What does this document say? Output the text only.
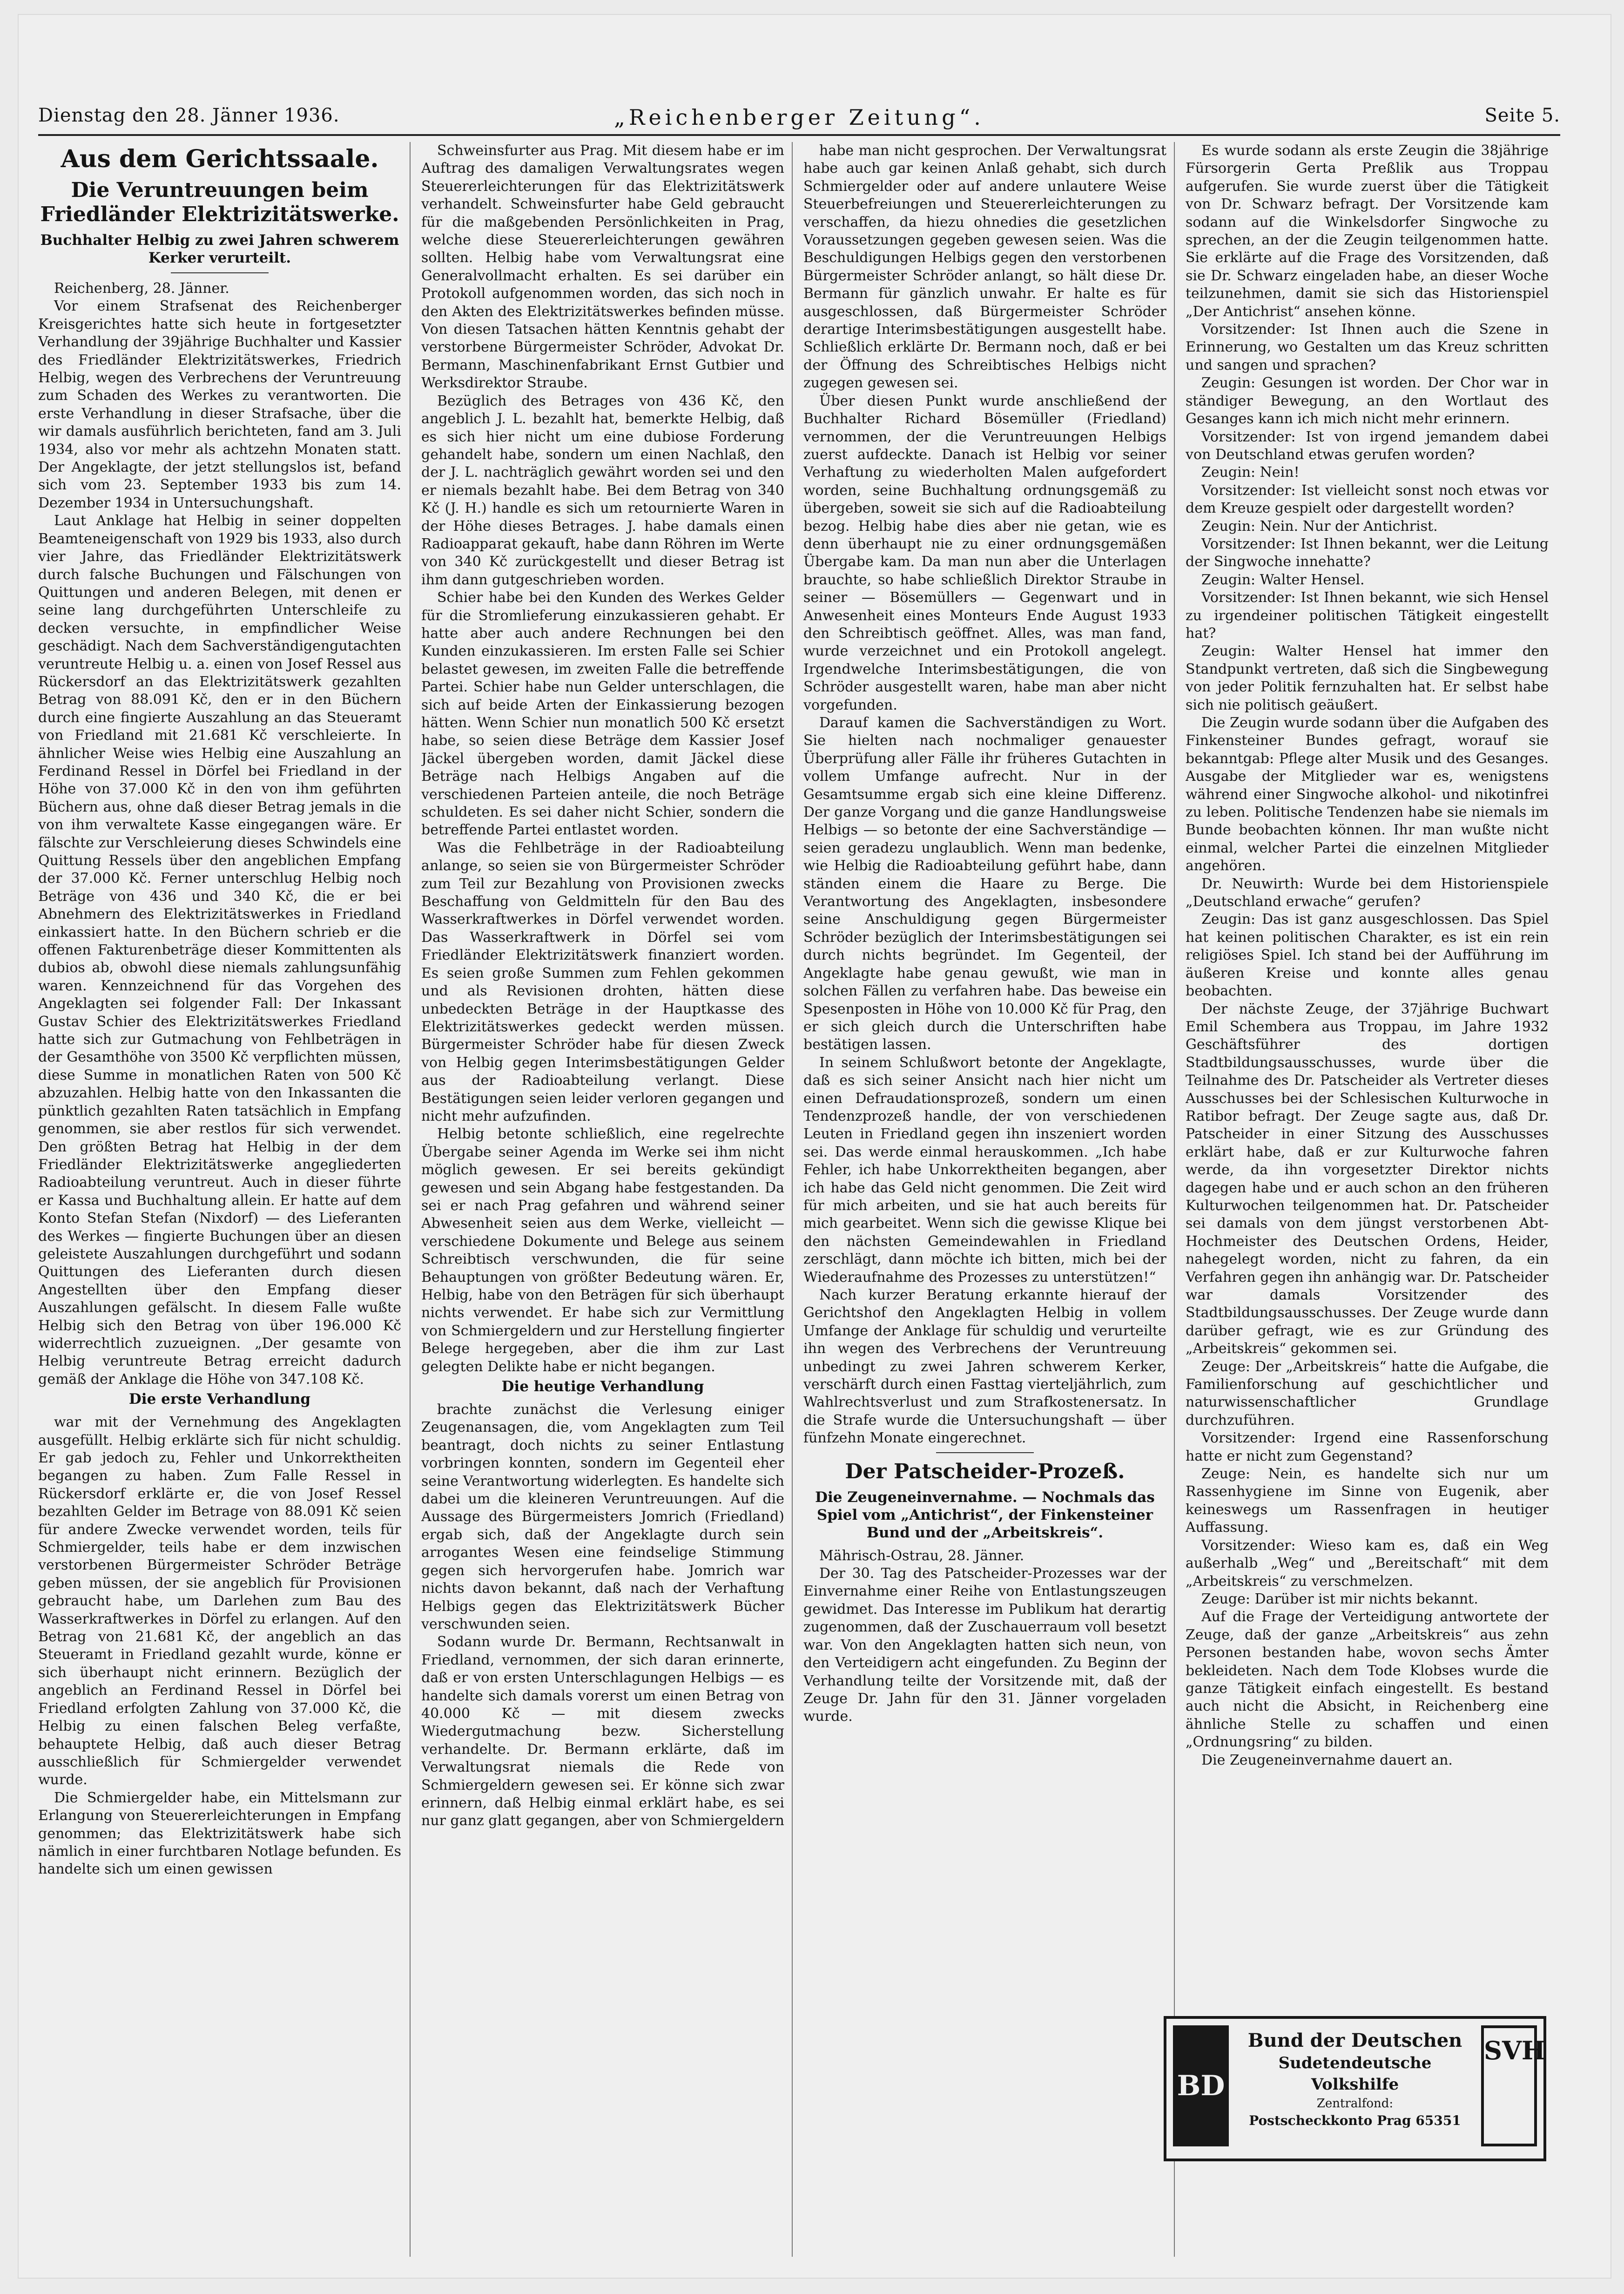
Dienstag den 28. Jänner 1936.	„Reichenberger Zeitung“.	Seite 5.
Aus dem Gerichtssaale.
Die Veruntreuungen beim Friedländer Elektrizitätswerke.
Buchhalter Helbig zu zwei Jahren schwerem Kerker verurteilt.

Reichenberg, 28. Jänner.

Vor einem Strafsenat des Reichenberger Kreisgerichtes hatte sich heute in fortgesetzter Verhandlung der 39jährige Buchhalter und Kassier des Friedländer Elektrizitätswerkes, Friedrich Helbig, wegen des Verbrechens der Veruntreuung zum Schaden des Werkes zu verantworten. Die erste Verhandlung in dieser Strafsache, über die wir damals ausführlich berichteten, fand am 3. Juli 1934, also vor mehr als achtzehn Monaten statt. Der Angeklagte, der jetzt stellungslos ist, befand sich vom 23. September 1933 bis zum 14. Dezember 1934 in Untersuchungshaft.

Laut Anklage hat Helbig in seiner doppelten Beamteneigenschaft von 1929 bis 1933, also durch vier Jahre, das Friedländer Elektrizitätswerk durch falsche Buchungen und Fälschungen von Quittungen und anderen Belegen, mit denen er seine lang durchgeführten Unterschleife zu decken versuchte, in empfindlicher Weise geschädigt. Nach dem Sachverständigengutachten veruntreute Helbig u. a. einen von Josef Ressel aus Rückersdorf an das Elektrizitätswerk gezahlten Betrag von 88.091 Kč, den er in den Büchern durch eine fingierte Auszahlung an das Steueramt von Friedland mit 21.681 Kč verschleierte. In ähnlicher Weise wies Helbig eine Auszahlung an Ferdinand Ressel in Dörfel bei Friedland in der Höhe von 37.000 Kč in den von ihm geführten Büchern aus, ohne daß dieser Betrag jemals in die von ihm verwaltete Kasse eingegangen wäre. Er fälschte zur Verschleierung dieses Schwindels eine Quittung Ressels über den angeblichen Empfang der 37.000 Kč. Ferner unterschlug Helbig noch Beträge von 436 und 340 Kč, die er bei Abnehmern des Elektrizitätswerkes in Friedland einkassiert hatte. In den Büchern schrieb er die offenen Fakturenbeträge dieser Kommittenten als dubios ab, obwohl diese niemals zahlungsunfähig waren. Kennzeichnend für das Vorgehen des Angeklagten sei folgender Fall: Der Inkassant Gustav Schier des Elektrizitätswerkes Friedland hatte sich zur Gutmachung von Fehlbeträgen in der Gesamthöhe von 3500 Kč verpflichten müssen, diese Summe in monatlichen Raten von 500 Kč abzuzahlen. Helbig hatte von den Inkassanten die pünktlich gezahlten Raten tatsächlich in Empfang genommen, sie aber restlos für sich verwendet. Den größten Betrag hat Helbig in der dem Friedländer Elektrizitätswerke angegliederten Radioabteilung veruntreut. Auch in dieser führte er Kassa und Buchhaltung allein. Er hatte auf dem Konto Stefan Stefan (Nixdorf) — des Lieferanten des Werkes — fingierte Buchungen über an diesen geleistete Auszahlungen durchgeführt und sodann Quittungen des Lieferanten durch diesen Angestellten über den Empfang dieser Auszahlungen gefälscht. In diesem Falle wußte Helbig sich den Betrag von über 196.000 Kč widerrechtlich zuzueignen. „Der gesamte von Helbig veruntreute Betrag erreicht dadurch gemäß der Anklage die Höhe von 347.108 Kč.

Die erste Verhandlung

war mit der Vernehmung des Angeklagten ausgefüllt. Helbig erklärte sich für nicht schuldig. Er gab jedoch zu, Fehler und Unkorrektheiten begangen zu haben. Zum Falle Ressel in Rückersdorf erklärte er, die von Josef Ressel bezahlten Gelder im Betrage von 88.091 Kč seien für andere Zwecke verwendet worden, teils für Schmiergelder, teils habe er dem inzwischen verstorbenen Bürgermeister Schröder Beträge geben müssen, der sie angeblich für Provisionen gebraucht habe, um Darlehen zum Bau des Wasserkraftwerkes in Dörfel zu erlangen. Auf den Betrag von 21.681 Kč, der angeblich an das Steueramt in Friedland gezahlt wurde, könne er sich überhaupt nicht erinnern. Bezüglich der angeblich an Ferdinand Ressel in Dörfel bei Friedland erfolgten Zahlung von 37.000 Kč, die Helbig zu einen falschen Beleg verfaßte, behauptete Helbig, daß auch dieser Betrag ausschließlich für Schmiergelder verwendet wurde.

Die Schmiergelder habe, ein Mittelsmann zur Erlangung von Steuererleichterungen in Empfang genommen; das Elektrizitätswerk habe sich nämlich in einer furchtbaren Notlage befunden. Es handelte sich um einen gewissen

Schweinsfurter aus Prag. Mit diesem habe er im Auftrag des damaligen Verwaltungsrates wegen Steuererleichterungen für das Elektrizitätswerk verhandelt. Schweinsfurter habe Geld gebraucht für die maßgebenden Persönlichkeiten in Prag, welche diese Steuererleichterungen gewähren sollten. Helbig habe vom Verwaltungsrat eine Generalvollmacht erhalten. Es sei darüber ein Protokoll aufgenommen worden, das sich noch in den Akten des Elektrizitätswerkes befinden müsse. Von diesen Tatsachen hätten Kenntnis gehabt der verstorbene Bürgermeister Schröder, Advokat Dr. Bermann, Maschinenfabrikant Ernst Gutbier und Werksdirektor Straube.

Bezüglich des Betrages von 436 Kč, den angeblich J. L. bezahlt hat, bemerkte Helbig, daß es sich hier nicht um eine dubiose Forderung gehandelt habe, sondern um einen Nachlaß, den der J. L. nachträglich gewährt worden sei und den er niemals bezahlt habe. Bei dem Betrag von 340 Kč (J. H.) handle es sich um retournierte Waren in der Höhe dieses Betrages. J. habe damals einen Radioapparat gekauft, habe dann Röhren im Werte von 340 Kč zurückgestellt und dieser Betrag ist ihm dann gutgeschrieben worden.

Schier habe bei den Kunden des Werkes Gelder für die Stromlieferung einzukassieren gehabt. Er hatte aber auch andere Rechnungen bei den Kunden einzukassieren. Im ersten Falle sei Schier belastet gewesen, im zweiten Falle die betreffende Partei. Schier habe nun Gelder unterschlagen, die sich auf beide Arten der Einkassierung bezogen hätten. Wenn Schier nun monatlich 500 Kč ersetzt habe, so seien diese Beträge dem Kassier Josef Jäckel übergeben worden, damit Jäckel diese Beträge nach Helbigs Angaben auf die verschiedenen Parteien anteile, die noch Beträge schuldeten. Es sei daher nicht Schier, sondern die betreffende Partei entlastet worden.

Was die Fehlbeträge in der Radioabteilung anlange, so seien sie von Bürgermeister Schröder zum Teil zur Bezahlung von Provisionen zwecks Beschaffung von Geldmitteln für den Bau des Wasserkraftwerkes in Dörfel verwendet worden. Das Wasserkraftwerk in Dörfel sei vom Friedländer Elektrizitätswerk finanziert worden. Es seien große Summen zum Fehlen gekommen und als Revisionen drohten, hätten diese unbedeckten Beträge in der Hauptkasse des Elektrizitätswerkes gedeckt werden müssen. Bürgermeister Schröder habe für diesen Zweck von Helbig gegen Interimsbestätigungen Gelder aus der Radioabteilung verlangt. Diese Bestätigungen seien leider verloren gegangen und nicht mehr aufzufinden.

Helbig betonte schließlich, eine regelrechte Übergabe seiner Agenda im Werke sei ihm nicht möglich gewesen. Er sei bereits gekündigt gewesen und sein Abgang habe festgestanden. Da sei er nach Prag gefahren und während seiner Abwesenheit seien aus dem Werke, vielleicht — verschiedene Dokumente und Belege aus seinem Schreibtisch verschwunden, die für seine Behauptungen von größter Bedeutung wären. Er, Helbig, habe von den Beträgen für sich überhaupt nichts verwendet. Er habe sich zur Vermittlung von Schmiergeldern und zur Herstellung fingierter Belege hergegeben, aber die ihm zur Last gelegten Delikte habe er nicht begangen.

Die heutige Verhandlung

brachte zunächst die Verlesung einiger Zeugenansagen, die, vom Angeklagten zum Teil beantragt, doch nichts zu seiner Entlastung vorbringen konnten, sondern im Gegenteil eher seine Verantwortung widerlegten. Es handelte sich dabei um die kleineren Veruntreuungen. Auf die Aussage des Bürgermeisters Jomrich (Friedland) ergab sich, daß der Angeklagte durch sein arrogantes Wesen eine feindselige Stimmung gegen sich hervorgerufen habe. Jomrich war nichts davon bekannt, daß nach der Verhaftung Helbigs gegen das Elektrizitätswerk Bücher verschwunden seien.

Sodann wurde Dr. Bermann, Rechtsanwalt in Friedland, vernommen, der sich daran erinnerte, daß er von ersten Unterschlagungen Helbigs — es handelte sich damals vorerst um einen Betrag von 40.000 Kč — mit diesem zwecks Wiedergutmachung bezw. Sicherstellung verhandelte. Dr. Bermann erklärte, daß im Verwaltungsrat niemals die Rede von Schmiergeldern gewesen sei. Er könne sich zwar erinnern, daß Helbig einmal erklärt habe, es sei nur ganz glatt gegangen, aber von Schmiergeldern

habe man nicht gesprochen. Der Verwaltungsrat habe auch gar keinen Anlaß gehabt, sich durch Schmiergelder oder auf andere unlautere Weise Steuerbefreiungen und Steuererleichterungen zu verschaffen, da hiezu ohnedies die gesetzlichen Voraussetzungen gegeben gewesen seien. Was die Beschuldigungen Helbigs gegen den verstorbenen Bürgermeister Schröder anlangt, so hält diese Dr. Bermann für gänzlich unwahr. Er halte es für ausgeschlossen, daß Bürgermeister Schröder derartige Interimsbestätigungen ausgestellt habe. Schließlich erklärte Dr. Bermann noch, daß er bei der Öffnung des Schreibtisches Helbigs nicht zugegen gewesen sei.

Über diesen Punkt wurde anschließend der Buchhalter Richard Bösemüller (Friedland) vernommen, der die Veruntreuungen Helbigs zuerst aufdeckte. Danach ist Helbig vor seiner Verhaftung zu wiederholten Malen aufgefordert worden, seine Buchhaltung ordnungsgemäß zu übergeben, soweit sie sich auf die Radioabteilung bezog. Helbig habe dies aber nie getan, wie es denn überhaupt nie zu einer ordnungsgemäßen Übergabe kam. Da man nun aber die Unterlagen brauchte, so habe schließlich Direktor Straube in seiner — Bösemüllers — Gegenwart und in Anwesenheit eines Monteurs Ende August 1933 den Schreibtisch geöffnet. Alles, was man fand, wurde verzeichnet und ein Protokoll angelegt. Irgendwelche Interimsbestätigungen, die von Schröder ausgestellt waren, habe man aber nicht vorgefunden.

Darauf kamen die Sachverständigen zu Wort. Sie hielten nach nochmaliger genauester Überprüfung aller Fälle ihr früheres Gutachten in vollem Umfange aufrecht. Nur in der Gesamtsumme ergab sich eine kleine Differenz. Der ganze Vorgang und die ganze Handlungsweise Helbigs — so betonte der eine Sachverständige — seien geradezu unglaublich. Wenn man bedenke, wie Helbig die Radioabteilung geführt habe, dann ständen einem die Haare zu Berge. Die Verantwortung des Angeklagten, insbesondere seine Anschuldigung gegen Bürgermeister Schröder bezüglich der Interimsbestätigungen sei durch nichts begründet. Im Gegenteil, der Angeklagte habe genau gewußt, wie man in solchen Fällen zu verfahren habe. Das beweise ein Spesenposten in Höhe von 10.000 Kč für Prag, den er sich gleich durch die Unterschriften habe bestätigen lassen.

In seinem Schlußwort betonte der Angeklagte, daß es sich seiner Ansicht nach hier nicht um einen Defraudationsprozeß, sondern um einen Tendenzprozeß handle, der von verschiedenen Leuten in Friedland gegen ihn inszeniert worden sei. Das werde einmal herauskommen. „Ich habe Fehler, ich habe Unkorrektheiten begangen, aber ich habe das Geld nicht genommen. Die Zeit wird für mich arbeiten, und sie hat auch bereits für mich gearbeitet. Wenn sich die gewisse Klique bei den nächsten Gemeindewahlen in Friedland zerschlägt, dann möchte ich bitten, mich bei der Wiederaufnahme des Prozesses zu unterstützen!“

Nach kurzer Beratung erkannte hierauf der Gerichtshof den Angeklagten Helbig in vollem Umfange der Anklage für schuldig und verurteilte ihn wegen des Verbrechens der Veruntreuung unbedingt zu zwei Jahren schwerem Kerker, verschärft durch einen Fasttag vierteljährlich, zum Wahlrechtsverlust und zum Strafkostenersatz. In die Strafe wurde die Untersuchungshaft — über fünfzehn Monate eingerechnet.

Der Patscheider-Prozeß.
Die Zeugeneinvernahme. — Nochmals das Spiel vom „Antichrist“, der Finkensteiner Bund und der „Arbeitskreis“.

Mährisch-Ostrau, 28. Jänner.

Der 30. Tag des Patscheider-Prozesses war der Einvernahme einer Reihe von Entlastungszeugen gewidmet. Das Interesse im Publikum hat derartig zugenommen, daß der Zuschauerraum voll besetzt war. Von den Angeklagten hatten sich neun, von den Verteidigern acht eingefunden. Zu Beginn der Verhandlung teilte der Vorsitzende mit, daß der Zeuge Dr. Jahn für den 31. Jänner vorgeladen wurde.

Es wurde sodann als erste Zeugin die 38jährige Fürsorgerin Gerta Preßlik aus Troppau aufgerufen. Sie wurde zuerst über die Tätigkeit von Dr. Schwarz befragt. Der Vorsitzende kam sodann auf die Winkelsdorfer Singwoche zu sprechen, an der die Zeugin teilgenommen hatte. Sie erklärte auf die Frage des Vorsitzenden, daß sie Dr. Schwarz eingeladen habe, an dieser Woche teilzunehmen, damit sie sich das Historienspiel „Der Antichrist“ ansehen könne.

Vorsitzender: Ist Ihnen auch die Szene in Erinnerung, wo Gestalten um das Kreuz schritten und sangen und sprachen?

Zeugin: Gesungen ist worden. Der Chor war in ständiger Bewegung, an den Wortlaut des Gesanges kann ich mich nicht mehr erinnern.

Vorsitzender: Ist von irgend jemandem dabei von Deutschland etwas gerufen worden?

Zeugin: Nein!

Vorsitzender: Ist vielleicht sonst noch etwas vor dem Kreuze gespielt oder dargestellt worden?

Zeugin: Nein. Nur der Antichrist.

Vorsitzender: Ist Ihnen bekannt, wer die Leitung der Singwoche innehatte?

Zeugin: Walter Hensel.

Vorsitzender: Ist Ihnen bekannt, wie sich Hensel zu irgendeiner politischen Tätigkeit eingestellt hat?

Zeugin: Walter Hensel hat immer den Standpunkt vertreten, daß sich die Singbewegung von jeder Politik fernzuhalten hat. Er selbst habe sich nie politisch geäußert.

Die Zeugin wurde sodann über die Aufgaben des Finkensteiner Bundes gefragt, worauf sie bekanntgab: Pflege alter Musik und des Gesanges. Ausgabe der Mitglieder war es, wenigstens während einer Singwoche alkohol- und nikotinfrei zu leben. Politische Tendenzen habe sie niemals im Bunde beobachten können. Ihr man wußte nicht einmal, welcher Partei die einzelnen Mitglieder angehören.

Dr. Neuwirth: Wurde bei dem Historienspiele „Deutschland erwache“ gerufen?

Zeugin: Das ist ganz ausgeschlossen. Das Spiel hat keinen politischen Charakter, es ist ein rein religiöses Spiel. Ich stand bei der Aufführung im äußeren Kreise und konnte alles genau beobachten.

Der nächste Zeuge, der 37jährige Buchwart Emil Schembera aus Troppau, im Jahre 1932 Geschäftsführer des dortigen Stadtbildungsausschusses, wurde über die Teilnahme des Dr. Patscheider als Vertreter dieses Ausschusses bei der Schlesischen Kulturwoche in Ratibor befragt. Der Zeuge sagte aus, daß Dr. Patscheider in einer Sitzung des Ausschusses erklärt habe, daß er zur Kulturwoche fahren werde, da ihn vorgesetzter Direktor nichts dagegen habe und er auch schon an den früheren Kulturwochen teilgenommen hat. Dr. Patscheider sei damals von dem jüngst verstorbenen Abt-Hochmeister des Deutschen Ordens, Heider, nahegelegt worden, nicht zu fahren, da ein Verfahren gegen ihn anhängig war. Dr. Patscheider war damals Vorsitzender des Stadtbildungsausschusses. Der Zeuge wurde dann darüber gefragt, wie es zur Gründung des „Arbeitskreis“ gekommen sei.

Zeuge: Der „Arbeitskreis“ hatte die Aufgabe, die Familienforschung auf geschichtlicher und naturwissenschaftlicher Grundlage durchzuführen.

Vorsitzender: Irgend eine Rassenforschung hatte er nicht zum Gegenstand?

Zeuge: Nein, es handelte sich nur um Rassenhygiene im Sinne von Eugenik, aber keineswegs um Rassenfragen in heutiger Auffassung.

Vorsitzender: Wieso kam es, daß ein Weg außerhalb „Weg“ und „Bereitschaft“ mit dem „Arbeitskreis“ zu verschmelzen.

Zeuge: Darüber ist mir nichts bekannt.

Auf die Frage der Verteidigung antwortete der Zeuge, daß der ganze „Arbeitskreis“ aus zehn Personen bestanden habe, wovon sechs Ämter bekleideten. Nach dem Tode Klobses wurde die ganze Tätigkeit einfach eingestellt. Es bestand auch nicht die Absicht, in Reichenberg eine ähnliche Stelle zu schaffen und einen „Ordnungsring“ zu bilden.

Die Zeugeneinvernahme dauert an.

BD
Bund der Deutschen
Sudetendeutsche Volkshilfe
Zentralfond:
Postscheckkonto Prag 65351
SVH
